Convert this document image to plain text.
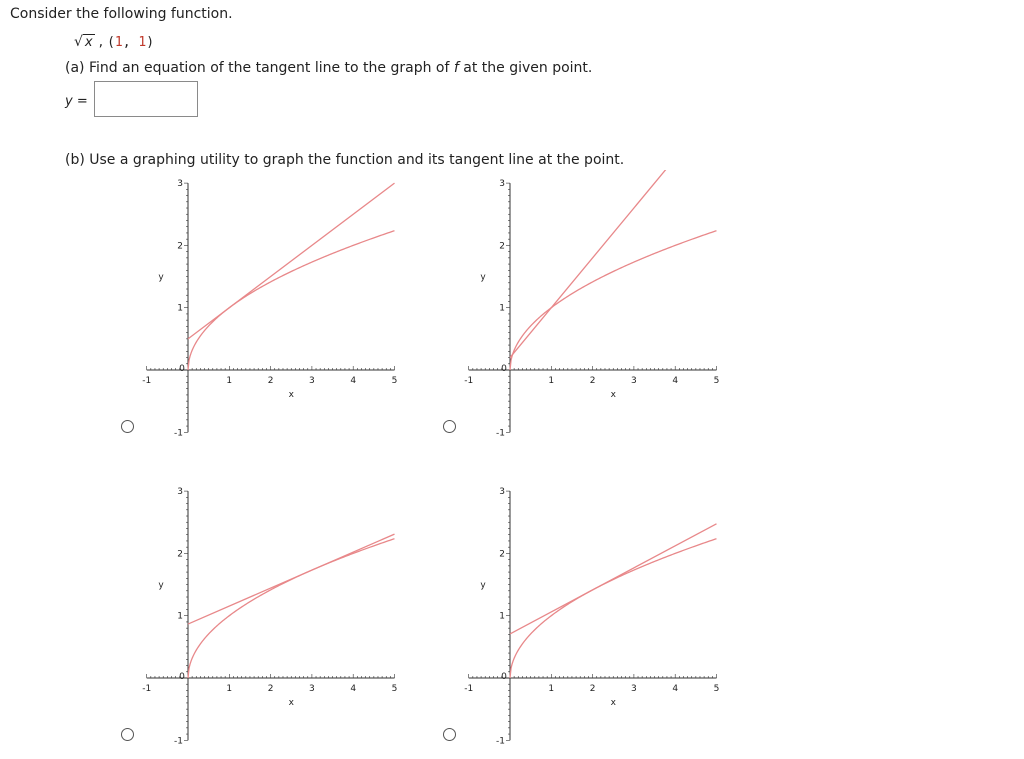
Consider the following function.
√ x , (1, 1)
(a) Find an equation of the tangent line to the graph of f at the given point.
y =
(b) Use a graphing utility to graph the function and its tangent line at the point.
-1
0
1	2	3	4	5
-1
1
2
3
x
y
-1
0
1	2	3	4	5
-1
1
2
3
x
y
-1
0
1	2	3	4	5
-1
1
2
3
x
y
-1
0
1	2	3	4	5
-1
1
2
3
x
y
